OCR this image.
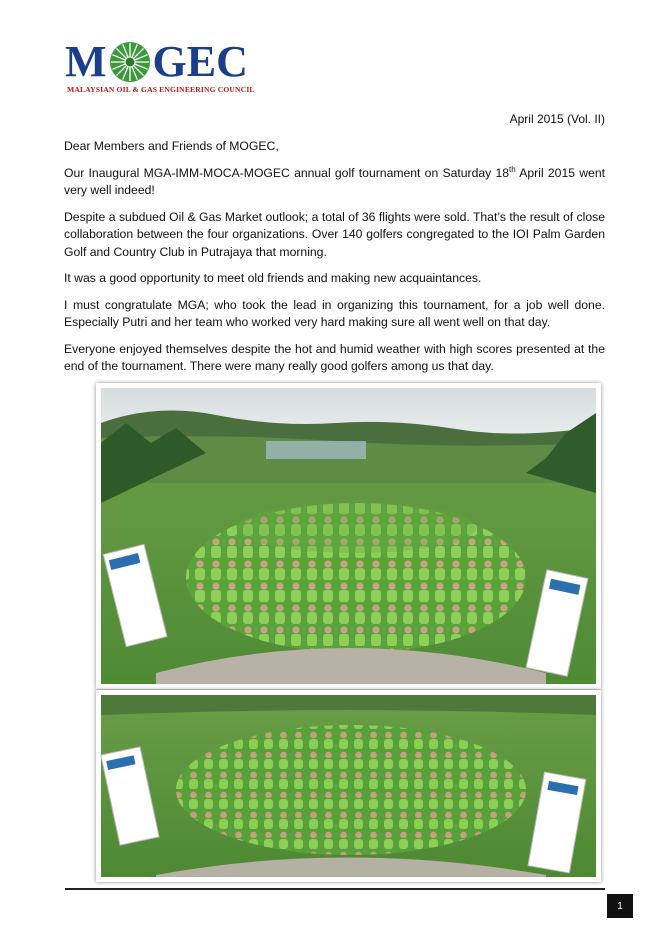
M GEC
MALAYSIAN OIL & GAS ENGINEERING COUNCIL
April 2015 (Vol. II)

Dear Members and Friends of MOGEC,

Our Inaugural MGA-IMM-MOCA-MOGEC annual golf tournament on Saturday 18th April 2015 went very well indeed!

Despite a subdued Oil & Gas Market outlook; a total of 36 flights were sold. That’s the result of close collaboration between the four organizations. Over 140 golfers congregated to the IOI Palm Garden Golf and Country Club in Putrajaya that morning.

It was a good opportunity to meet old friends and making new acquaintances.

I must congratulate MGA; who took the lead in organizing this tournament, for a job well done. Especially Putri and her team who worked very hard making sure all went well on that day.

Everyone enjoyed themselves despite the hot and humid weather with high scores presented at the end of the tournament. There were many really good golfers among us that day.

1
